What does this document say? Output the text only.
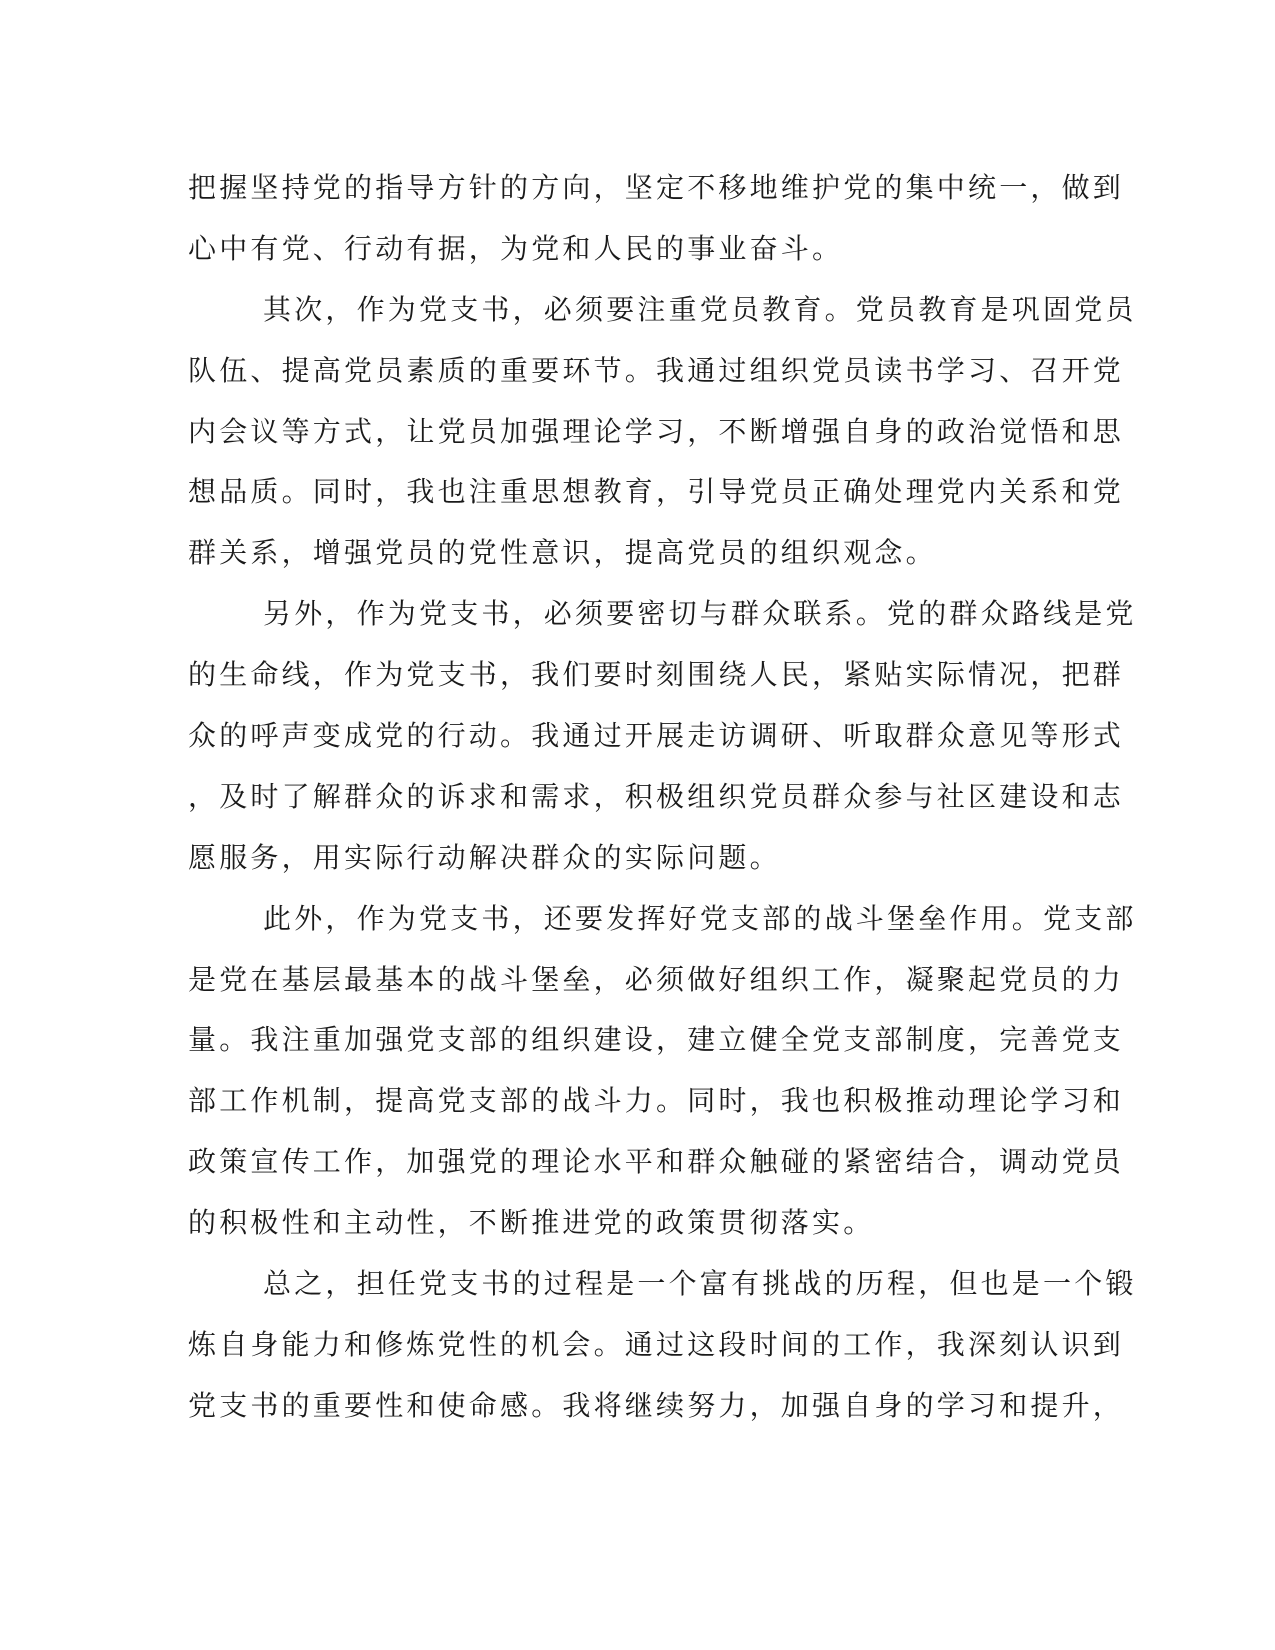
把握坚持党的指导方针的方向，坚定不移地维护党的集中统一，做到
心中有党、行动有据，为党和人民的事业奋斗。
其次，作为党支书，必须要注重党员教育。党员教育是巩固党员
队伍、提高党员素质的重要环节。我通过组织党员读书学习、召开党
内会议等方式，让党员加强理论学习，不断增强自身的政治觉悟和思
想品质。同时，我也注重思想教育，引导党员正确处理党内关系和党
群关系，增强党员的党性意识，提高党员的组织观念。
另外，作为党支书，必须要密切与群众联系。党的群众路线是党
的生命线，作为党支书，我们要时刻围绕人民，紧贴实际情况，把群
众的呼声变成党的行动。我通过开展走访调研、听取群众意见等形式
，及时了解群众的诉求和需求，积极组织党员群众参与社区建设和志
愿服务，用实际行动解决群众的实际问题。
此外，作为党支书，还要发挥好党支部的战斗堡垒作用。党支部
是党在基层最基本的战斗堡垒，必须做好组织工作，凝聚起党员的力
量。我注重加强党支部的组织建设，建立健全党支部制度，完善党支
部工作机制，提高党支部的战斗力。同时，我也积极推动理论学习和
政策宣传工作，加强党的理论水平和群众触碰的紧密结合，调动党员
的积极性和主动性，不断推进党的政策贯彻落实。
总之，担任党支书的过程是一个富有挑战的历程，但也是一个锻
炼自身能力和修炼党性的机会。通过这段时间的工作，我深刻认识到
党支书的重要性和使命感。我将继续努力，加强自身的学习和提升，
